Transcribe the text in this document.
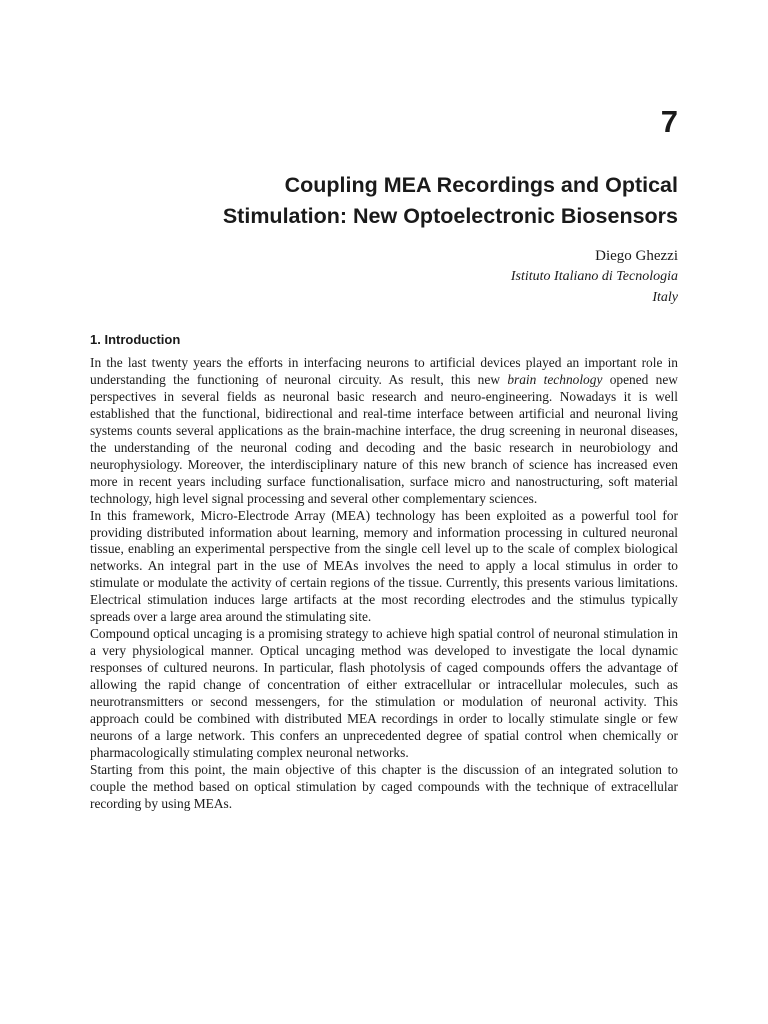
7
Coupling MEA Recordings and Optical
Stimulation: New Optoelectronic Biosensors
Diego Ghezzi
Istituto Italiano di Tecnologia
Italy
1. Introduction

In the last twenty years the efforts in interfacing neurons to artificial devices played an important role in understanding the functioning of neuronal circuity. As result, this new brain technology opened new perspectives in several fields as neuronal basic research and neuro-engineering. Nowadays it is well established that the functional, bidirectional and real-time interface between artificial and neuronal living systems counts several applications as the brain-machine interface, the drug screening in neuronal diseases, the understanding of the neuronal coding and decoding and the basic research in neurobiology and neurophysiology. Moreover, the interdisciplinary nature of this new branch of science has increased even more in recent years including surface functionalisation, surface micro and nanostructuring, soft material technology, high level signal processing and several other complementary sciences.

In this framework, Micro-Electrode Array (MEA) technology has been exploited as a powerful tool for providing distributed information about learning, memory and information processing in cultured neuronal tissue, enabling an experimental perspective from the single cell level up to the scale of complex biological networks. An integral part in the use of MEAs involves the need to apply a local stimulus in order to stimulate or modulate the activity of certain regions of the tissue. Currently, this presents various limitations. Electrical stimulation induces large artifacts at the most recording electrodes and the stimulus typically spreads over a large area around the stimulating site.

Compound optical uncaging is a promising strategy to achieve high spatial control of neuronal stimulation in a very physiological manner. Optical uncaging method was developed to investigate the local dynamic responses of cultured neurons. In particular, flash photolysis of caged compounds offers the advantage of allowing the rapid change of concentration of either extracellular or intracellular molecules, such as neurotransmitters or second messengers, for the stimulation or modulation of neuronal activity. This approach could be combined with distributed MEA recordings in order to locally stimulate single or few neurons of a large network. This confers an unprecedented degree of spatial control when chemically or pharmacologically stimulating complex neuronal networks.

Starting from this point, the main objective of this chapter is the discussion of an integrated solution to couple the method based on optical stimulation by caged compounds with the technique of extracellular recording by using MEAs.
